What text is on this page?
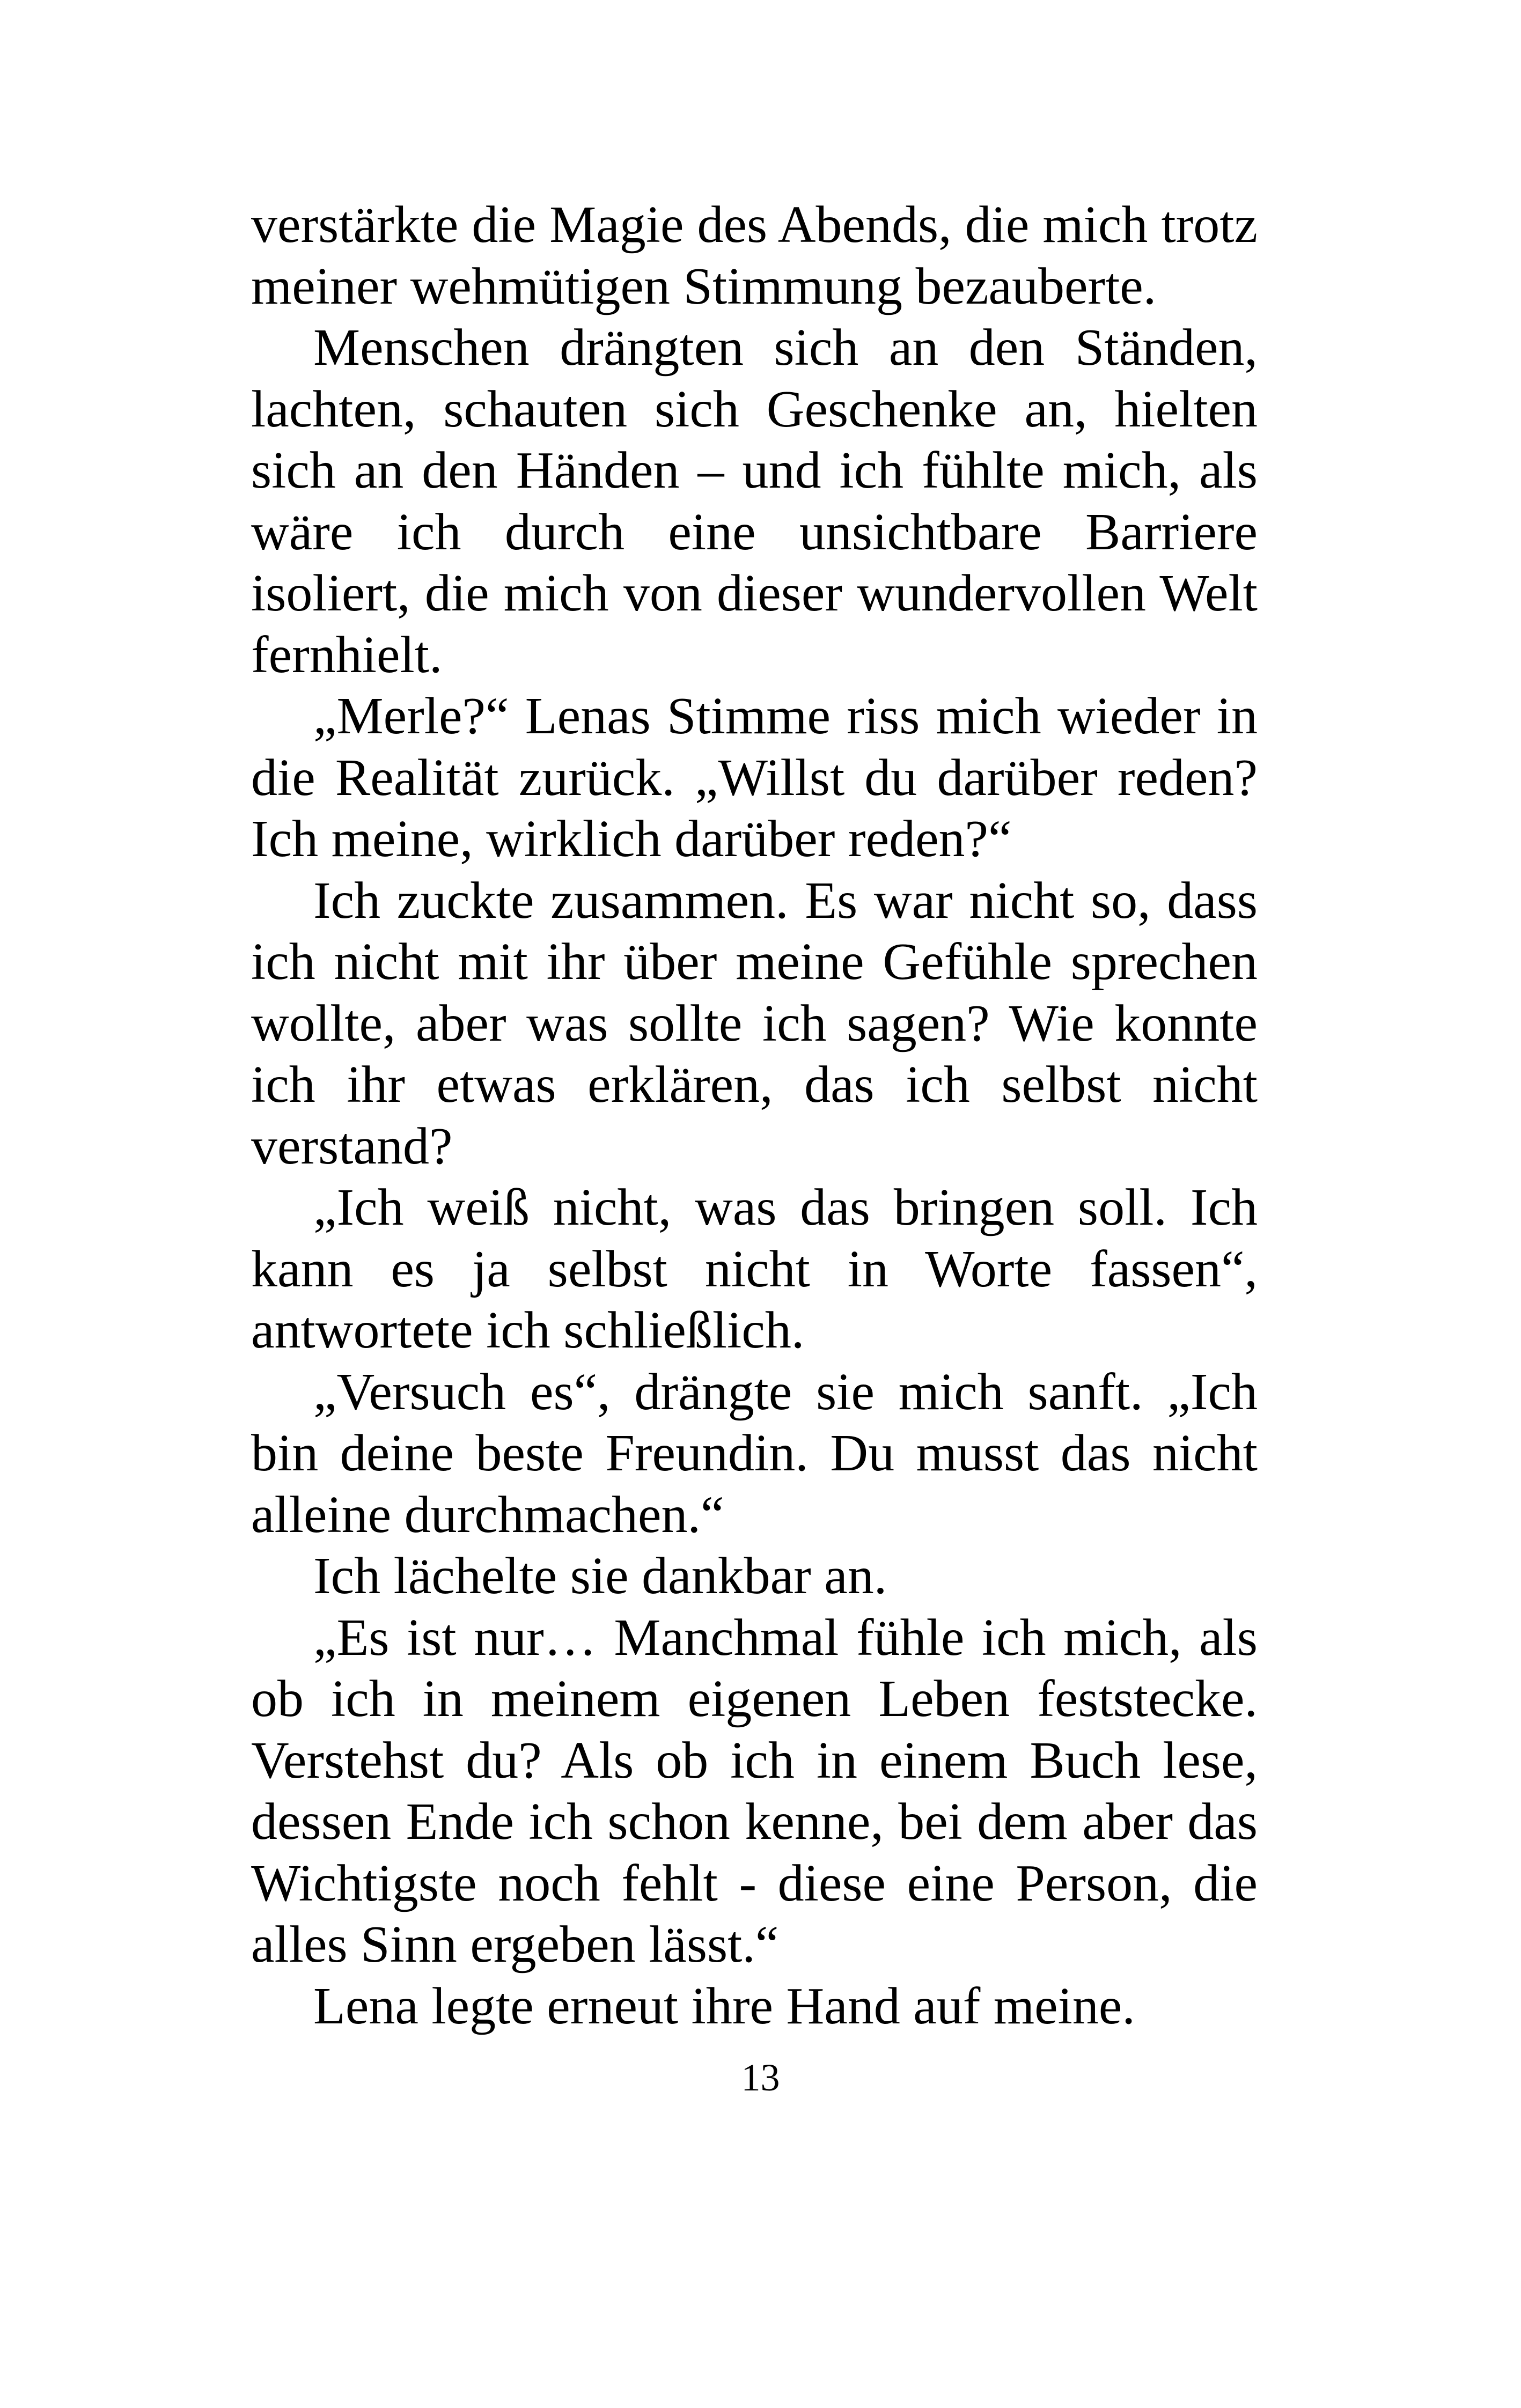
verstärkte die Magie des Abends, die mich trotz meiner wehmütigen Stimmung bezauberte.

Menschen drängten sich an den Ständen, lachten, schauten sich Geschenke an, hielten sich an den Händen – und ich fühlte mich, als wäre ich durch eine unsichtbare Barriere isoliert, die mich von dieser wundervollen Welt fernhielt.

„Merle?“ Lenas Stimme riss mich wieder in die Realität zurück. „Willst du darüber reden? Ich meine, wirklich darüber reden?“

Ich zuckte zusammen. Es war nicht so, dass ich nicht mit ihr über meine Gefühle sprechen wollte, aber was sollte ich sagen? Wie konnte ich ihr etwas erklären, das ich selbst nicht verstand?

„Ich weiß nicht, was das bringen soll. Ich kann es ja selbst nicht in Worte fassen“, antwortete ich schließlich.

„Versuch es“, drängte sie mich sanft. „Ich bin deine beste Freundin. Du musst das nicht alleine durchmachen.“

Ich lächelte sie dankbar an.

„Es ist nur… Manchmal fühle ich mich, als ob ich in meinem eigenen Leben feststecke. Verstehst du? Als ob ich in einem Buch lese, dessen Ende ich schon kenne, bei dem aber das Wichtigste noch fehlt - diese eine Person, die alles Sinn ergeben lässt.“

Lena legte erneut ihre Hand auf meine.

13
